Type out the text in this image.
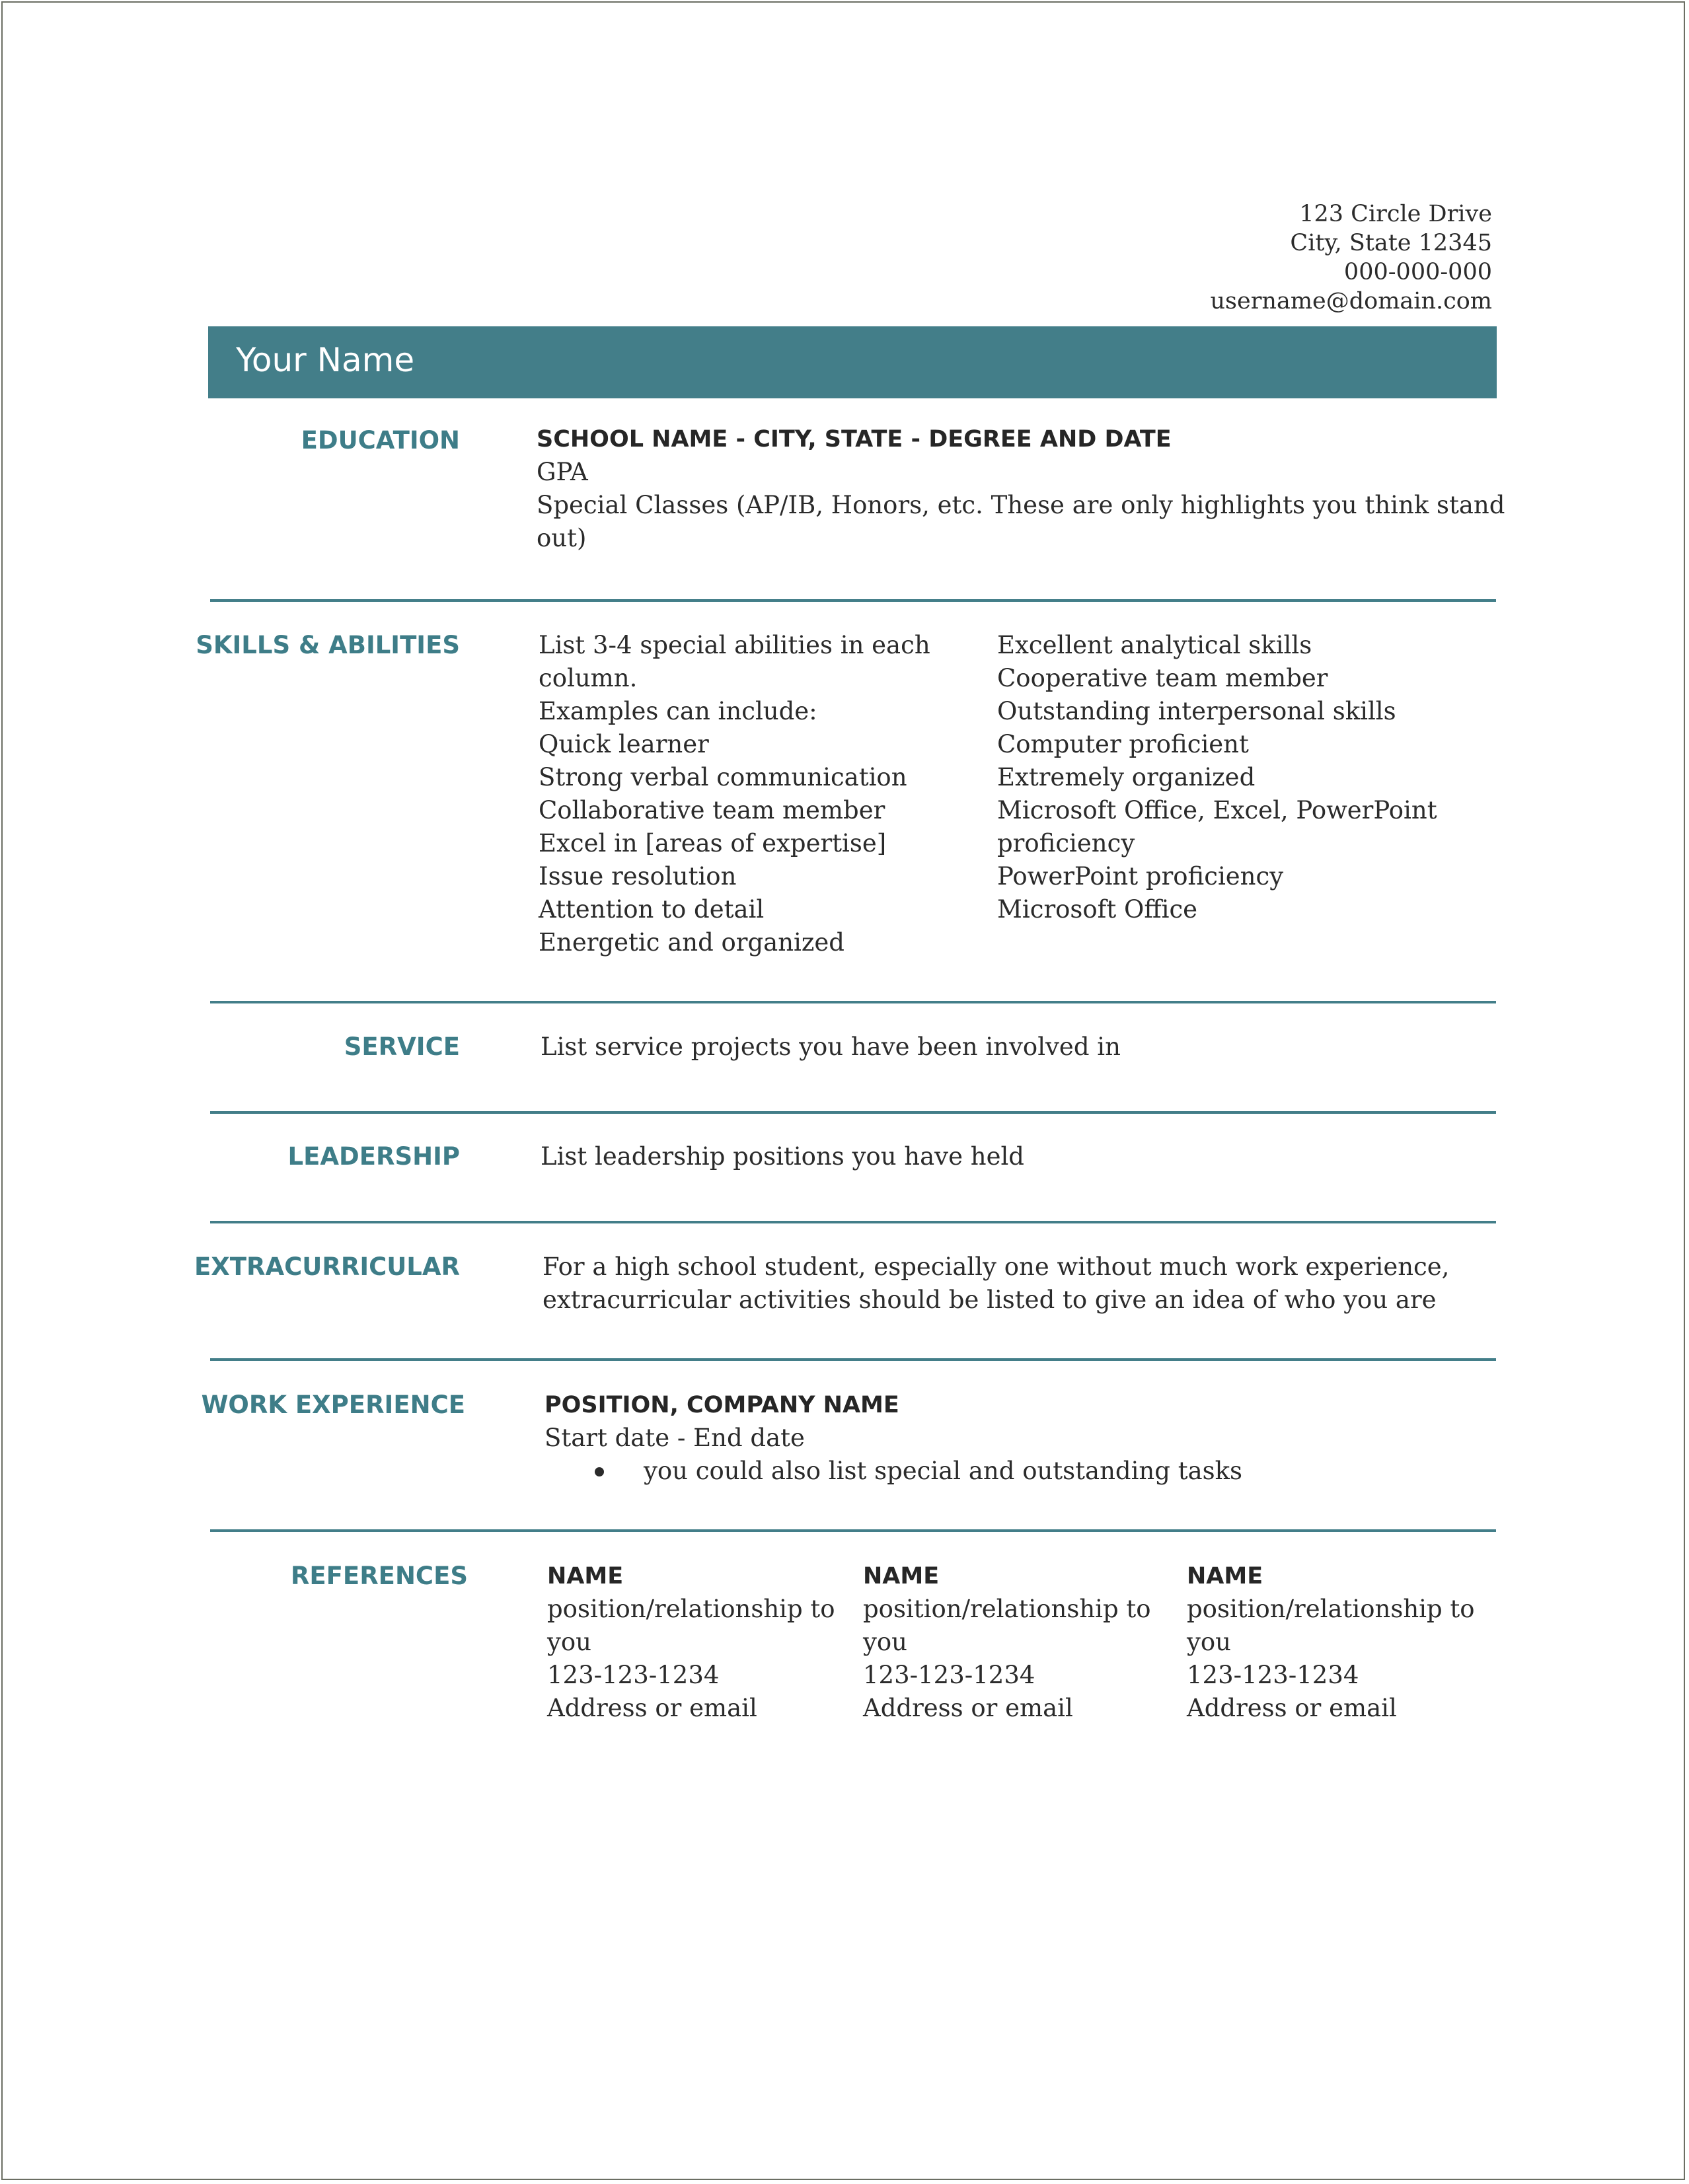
123 Circle Drive
City, State 12345
000-000-000
username@domain.com
Your Name
EDUCATION	SCHOOL NAME - CITY, STATE - DEGREE AND DATE
GPA
Special Classes (AP/IB, Honors, etc. These are only highlights you think stand
out)
SKILLS & ABILITIES	List 3-4 special abilities in each
column.
Examples can include:
Quick learner
Strong verbal communication
Collaborative team member
Excel in [areas of expertise]
Issue resolution
Attention to detail
Energetic and organized
Excellent analytical skills
Cooperative team member
Outstanding interpersonal skills
Computer proficient
Extremely organized
Microsoft Office, Excel, PowerPoint
proficiency
PowerPoint proficiency
Microsoft Office
SERVICE	List service projects you have been involved in
LEADERSHIP	List leadership positions you have held
EXTRACURRICULAR	For a high school student, especially one without much work experience,
extracurricular activities should be listed to give an idea of who you are
WORK EXPERIENCE	POSITION, COMPANY NAME
Start date - End date
you could also list special and outstanding tasks
REFERENCES	NAME
position/relationship to
you
123-123-1234
Address or email
NAME
position/relationship to
you
123-123-1234
Address or email
NAME
position/relationship to
you
123-123-1234
Address or email
